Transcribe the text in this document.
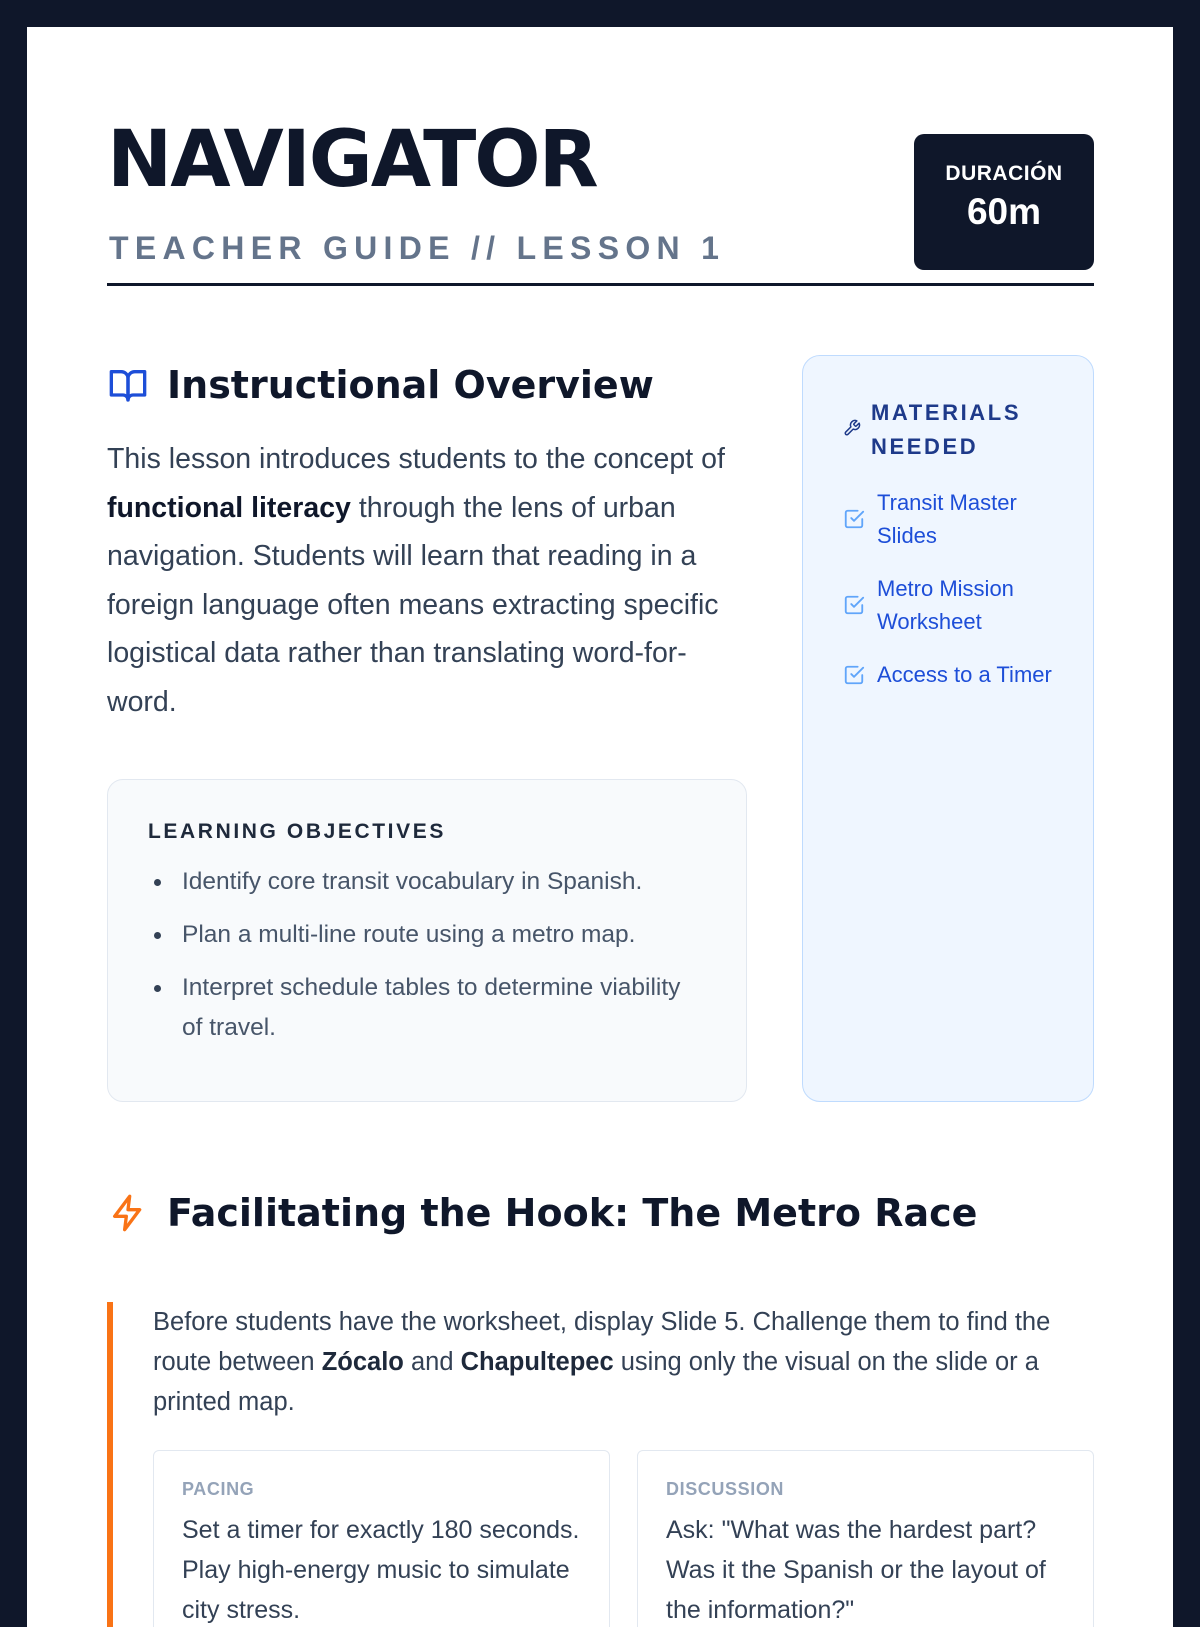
NAVIGATOR
TEACHER GUIDE // LESSON 1
DURACIÓN
60m
Instructional Overview

This lesson introduces students to the concept of functional literacy through the lens of urban navigation. Students will learn that reading in a foreign language often means extracting specific logistical data rather than translating word-for-word.

LEARNING OBJECTIVES
Identify core transit vocabulary in Spanish.
Plan a multi-line route using a metro map.
Interpret schedule tables to determine viability of travel.
MATERIALS NEEDED
Transit Master Slides
Metro Mission Worksheet
Access to a Timer
Facilitating the Hook: The Metro Race

Before students have the worksheet, display Slide 5. Challenge them to find the route between Zócalo and Chapultepec using only the visual on the slide or a printed map.

PACING
Set a timer for exactly 180 seconds. Play high-energy music to simulate city stress.
DISCUSSION
Ask: "What was the hardest part? Was it the Spanish or the layout of the information?"
